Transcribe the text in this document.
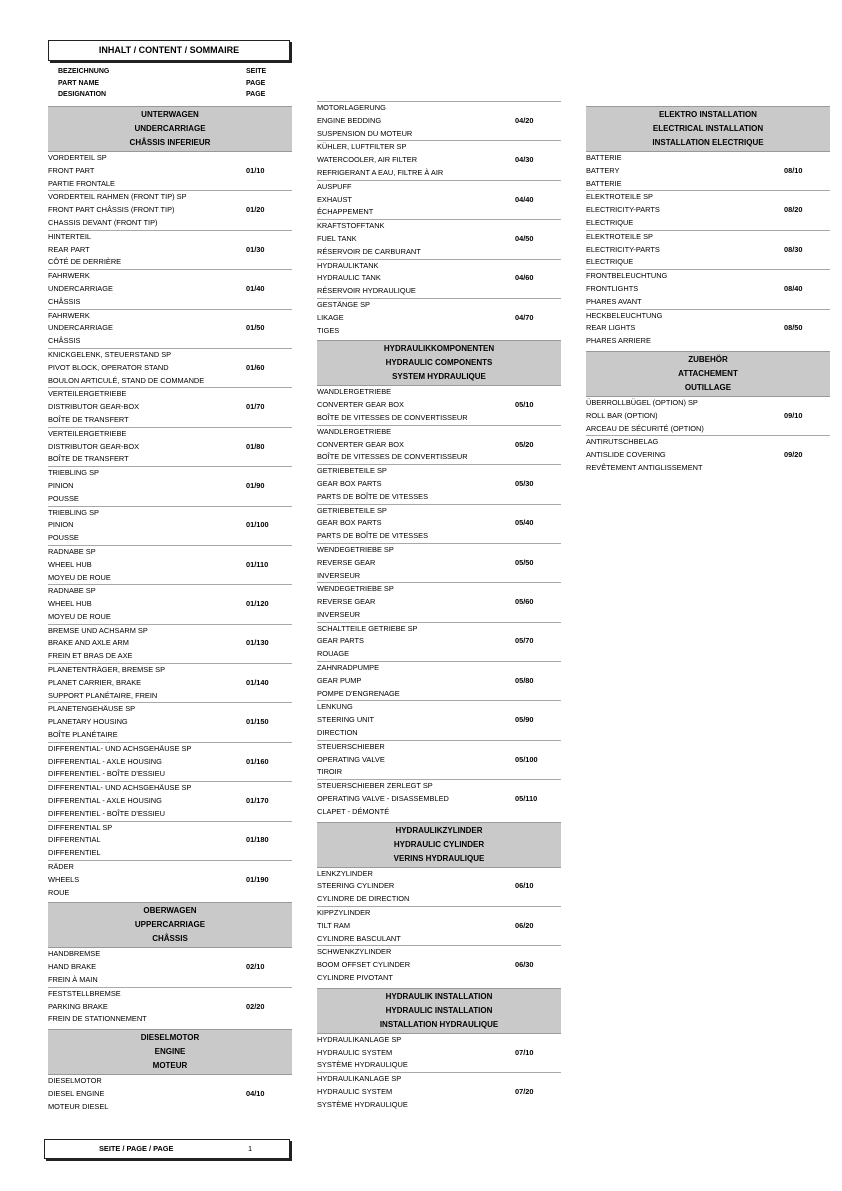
INHALT / CONTENT / SOMMAIRE
BEZEICHNUNG	SEITE
PART NAME	PAGE
DESIGNATION	PAGE
UNTERWAGEN
UNDERCARRIAGE
CHÂSSIS INFERIEUR
VORDERTEIL SP
FRONT PART	01/10
PARTIE FRONTALE
VORDERTEIL RAHMEN (FRONT TIP) SP
FRONT PART CHÂSSIS (FRONT TIP)	01/20
CHASSIS DEVANT (FRONT TIP)
HINTERTEIL
REAR PART	01/30
CÔTÉ DE DERRIÈRE
FAHRWERK
UNDERCARRIAGE	01/40
CHÂSSIS
FAHRWERK
UNDERCARRIAGE	01/50
CHÂSSIS
KNICKGELENK, STEUERSTAND SP
PIVOT BLOCK, OPERATOR STAND	01/60
BOULON ARTICULÉ, STAND DE COMMANDE
VERTEILERGETRIEBE
DISTRIBUTOR GEAR-BOX	01/70
BOÎTE DE TRANSFERT
VERTEILERGETRIEBE
DISTRIBUTOR GEAR-BOX	01/80
BOÎTE DE TRANSFERT
TRIEBLING SP
PINION	01/90
POUSSE
TRIEBLING SP
PINION	01/100
POUSSE
RADNABE SP
WHEEL HUB	01/110
MOYEU DE ROUE
RADNABE SP
WHEEL HUB	01/120
MOYEU DE ROUE
BREMSE UND ACHSARM SP
BRAKE AND AXLE ARM	01/130
FREIN ET BRAS DE AXE
PLANETENTRÄGER, BREMSE SP
PLANET CARRIER, BRAKE	01/140
SUPPORT PLANÉTAIRE, FREIN
PLANETENGEHÄUSE SP
PLANETARY HOUSING	01/150
BOÎTE PLANÉTAIRE
DIFFERENTIAL- UND ACHSGEHÄUSE SP
DIFFERENTIAL - AXLE HOUSING	01/160
DIFFERENTIEL - BOÎTE D'ESSIEU
DIFFERENTIAL- UND ACHSGEHÄUSE SP
DIFFERENTIAL - AXLE HOUSING	01/170
DIFFERENTIEL - BOÎTE D'ESSIEU
DIFFERENTIAL SP
DIFFERENTIAL	01/180
DIFFERENTIEL
RÄDER
WHEELS	01/190
ROUE
OBERWAGEN
UPPERCARRIAGE
CHÂSSIS
HANDBREMSE
HAND BRAKE	02/10
FREIN À MAIN
FESTSTELLBREMSE
PARKING BRAKE	02/20
FREIN DE STATIONNEMENT
DIESELMOTOR
ENGINE
MOTEUR
DIESELMOTOR
DIESEL ENGINE	04/10
MOTEUR DIESEL
MOTORLAGERUNG
ENGINE BEDDING	04/20
SUSPENSION DU MOTEUR
KÜHLER, LUFTFILTER SP
WATERCOOLER, AIR FILTER	04/30
REFRIGERANT A EAU, FILTRE À AIR
AUSPUFF
EXHAUST	04/40
ÉCHAPPEMENT
KRAFTSTOFFTANK
FUEL TANK	04/50
RÉSERVOIR DE CARBURANT
HYDRAULIKTANK
HYDRAULIC TANK	04/60
RÉSERVOIR HYDRAULIQUE
GESTÄNGE SP
LIKAGE	04/70
TIGES
HYDRAULIKKOMPONENTEN
HYDRAULIC COMPONENTS
SYSTEM HYDRAULIQUE
WANDLERGETRIEBE
CONVERTER GEAR BOX	05/10
BOÎTE DE VITESSES DE CONVERTISSEUR
WANDLERGETRIEBE
CONVERTER GEAR BOX	05/20
BOÎTE DE VITESSES DE CONVERTISSEUR
GETRIEBETEILE SP
GEAR BOX PARTS	05/30
PARTS DE BOÎTE DE VITESSES
GETRIEBETEILE SP
GEAR BOX PARTS	05/40
PARTS DE BOÎTE DE VITESSES
WENDEGETRIEBE SP
REVERSE GEAR	05/50
INVERSEUR
WENDEGETRIEBE SP
REVERSE GEAR	05/60
INVERSEUR
SCHALTTEILE GETRIEBE SP
GEAR PARTS	05/70
ROUAGE
ZAHNRADPUMPE
GEAR PUMP	05/80
POMPE D'ENGRENAGE
LENKUNG
STEERING UNIT	05/90
DIRECTION
STEUERSCHIEBER
OPERATING VALVE	05/100
TIROIR
STEUERSCHIEBER ZERLEGT SP
OPERATING VALVE - DISASSEMBLED	05/110
CLAPET - DÉMONTÉ
HYDRAULIKZYLINDER
HYDRAULIC CYLINDER
VERINS HYDRAULIQUE
LENKZYLINDER
STEERING CYLINDER	06/10
CYLINDRE DE DIRECTION
KIPPZYLINDER
TILT RAM	06/20
CYLINDRE BASCULANT
SCHWENKZYLINDER
BOOM OFFSET CYLINDER	06/30
CYLINDRE PIVOTANT
HYDRAULIK INSTALLATION
HYDRAULIC INSTALLATION
INSTALLATION HYDRAULIQUE
HYDRAULIKANLAGE SP
HYDRAULIC SYSTEM	07/10
SYSTÈME HYDRAULIQUE
HYDRAULIKANLAGE SP
HYDRAULIC SYSTEM	07/20
SYSTÈME HYDRAULIQUE
ELEKTRO INSTALLATION
ELECTRICAL INSTALLATION
INSTALLATION ELECTRIQUE
BATTERIE
BATTERY	08/10
BATTERIE
ELEKTROTEILE SP
ELECTRICITY-PARTS	08/20
ELECTRIQUE
ELEKTROTEILE SP
ELECTRICITY-PARTS	08/30
ELECTRIQUE
FRONTBELEUCHTUNG
FRONTLIGHTS	08/40
PHARES AVANT
HECKBELEUCHTUNG
REAR LIGHTS	08/50
PHARES ARRIERE
ZUBEHÖR
ATTACHEMENT
OUTILLAGE
ÜBERROLLBÜGEL (OPTION) SP
ROLL BAR (OPTION)	09/10
ARCEAU DE SÉCURITÉ (OPTION)
ANTIRUTSCHBELAG
ANTISLIDE COVERING	09/20
REVÊTEMENT ANTIGLISSEMENT
SEITE / PAGE / PAGE	1
